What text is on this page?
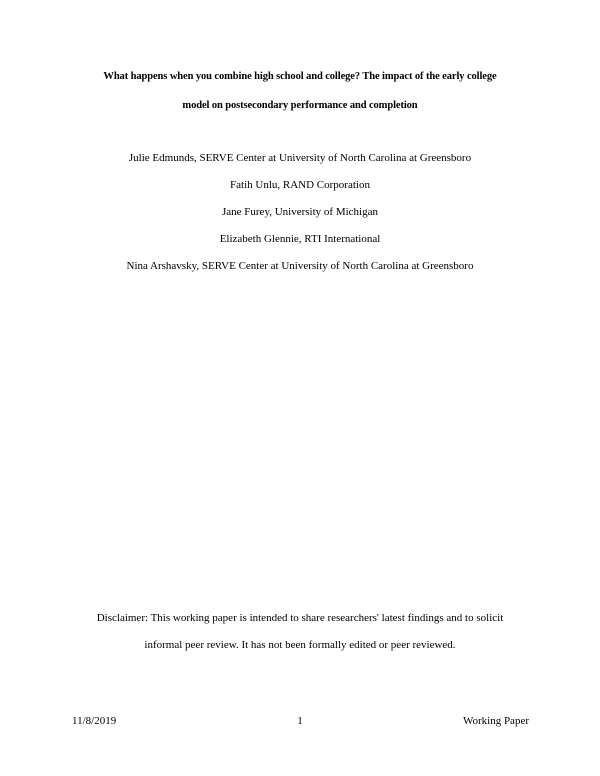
What happens when you combine high school and college? The impact of the early college
model on postsecondary performance and completion
Julie Edmunds, SERVE Center at University of North Carolina at Greensboro
Fatih Unlu, RAND Corporation
Jane Furey, University of Michigan
Elizabeth Glennie, RTI International
Nina Arshavsky, SERVE Center at University of North Carolina at Greensboro
Disclaimer: This working paper is intended to share researchers' latest findings and to solicit
informal peer review. It has not been formally edited or peer reviewed.
1
11/8/2019	Working Paper
